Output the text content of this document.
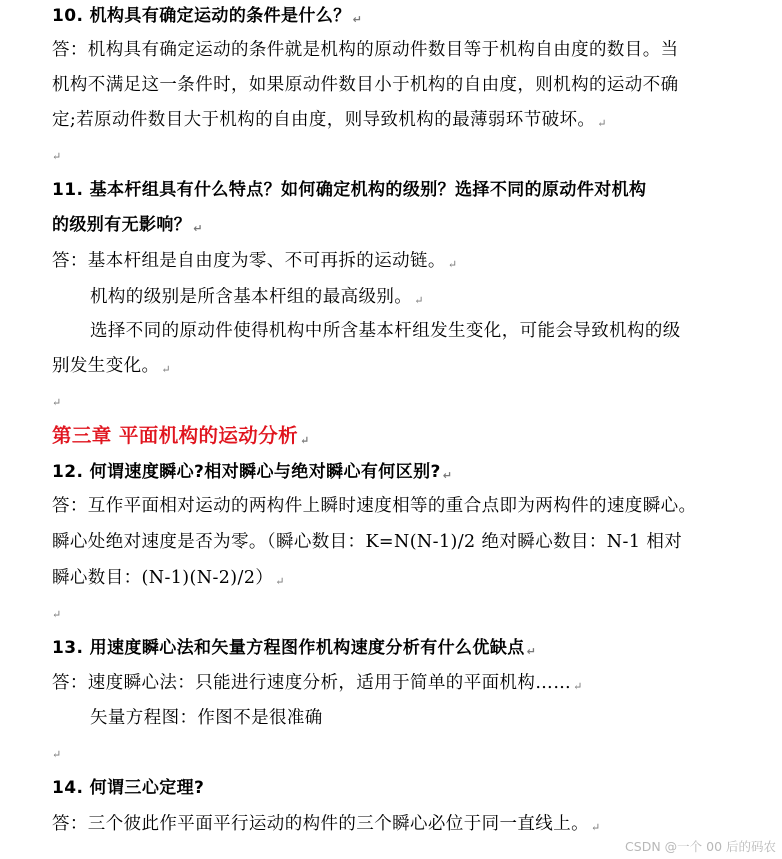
10. 机构具有确定运动的条件是什么？ ↵
答：机构具有确定运动的条件就是机构的原动件数目等于机构自由度的数目。当
机构不满足这一条件时，如果原动件数目小于机构的自由度，则机构的运动不确
定;若原动件数目大于机构的自由度，则导致机构的最薄弱环节破坏。 ↵
↵
11. 基本杆组具有什么特点？如何确定机构的级别？选择不同的原动件对机构
的级别有无影响？ ↵
答：基本杆组是自由度为零、不可再拆的运动链。 ↵
机构的级别是所含基本杆组的最高级别。 ↵
选择不同的原动件使得机构中所含基本杆组发生变化，可能会导致机构的级
别发生变化。 ↵
↵
第三章 平面机构的运动分析 ↵
12. 何谓速度瞬心?相对瞬心与绝对瞬心有何区别? ↵
答：互作平面相对运动的两构件上瞬时速度相等的重合点即为两构件的速度瞬心。
瞬心处绝对速度是否为零。（瞬心数目：K=N(N-1)/2 绝对瞬心数目：N-1 相对
瞬心数目：(N-1)(N-2)/2） ↵
↵
13. 用速度瞬心法和矢量方程图作机构速度分析有什么优缺点 ↵
答：速度瞬心法：只能进行速度分析，适用于简单的平面机构…… ↵
矢量方程图：作图不是很准确
↵
14. 何谓三心定理?
答：三个彼此作平面平行运动的构件的三个瞬心必位于同一直线上。 ↵
CSDN @一个 00 后的码农
